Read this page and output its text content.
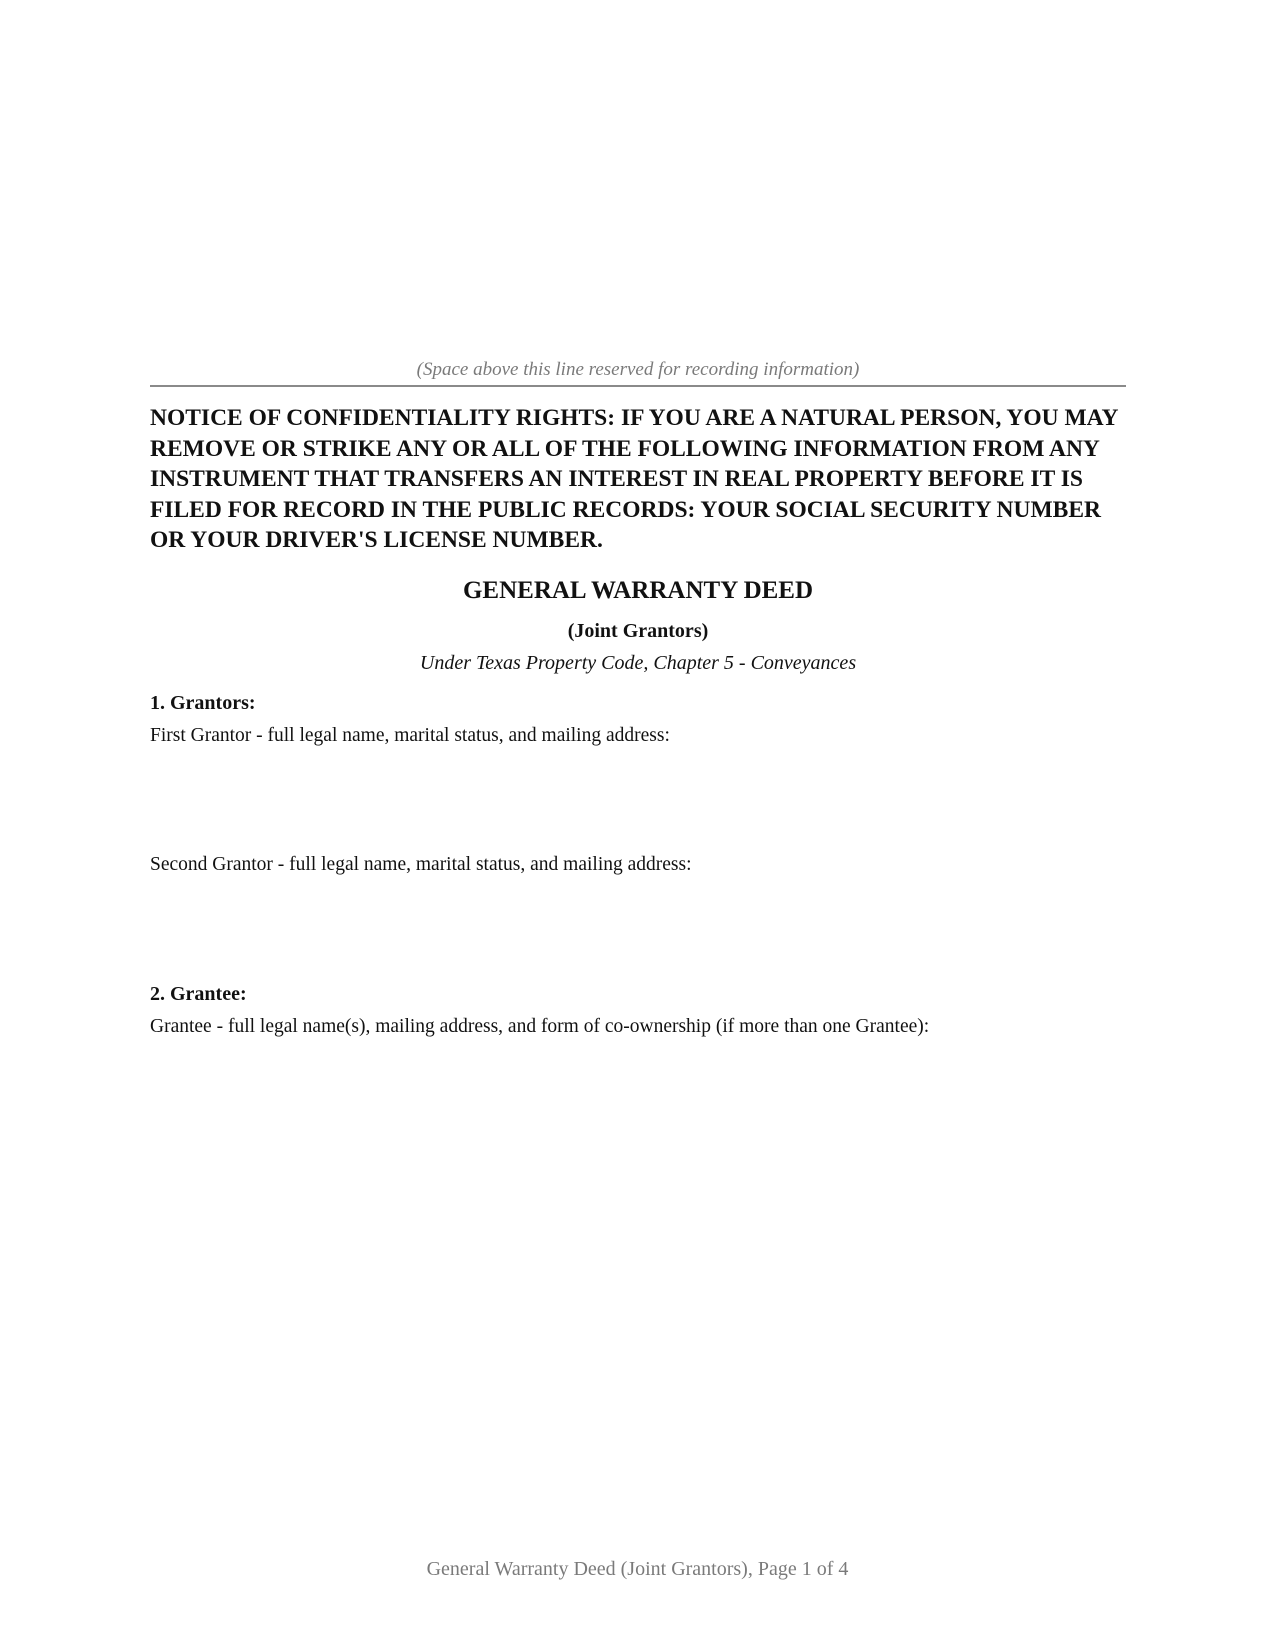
(Space above this line reserved for recording information)
NOTICE OF CONFIDENTIALITY RIGHTS: IF YOU ARE A NATURAL PERSON, YOU MAY REMOVE OR STRIKE ANY OR ALL OF THE FOLLOWING INFORMATION FROM ANY INSTRUMENT THAT TRANSFERS AN INTEREST IN REAL PROPERTY BEFORE IT IS FILED FOR RECORD IN THE PUBLIC RECORDS: YOUR SOCIAL SECURITY NUMBER OR YOUR DRIVER'S LICENSE NUMBER.
GENERAL WARRANTY DEED
(Joint Grantors)
Under Texas Property Code, Chapter 5 - Conveyances
1. Grantors:
First Grantor - full legal name, marital status, and mailing address:
Second Grantor - full legal name, marital status, and mailing address:
2. Grantee:
Grantee - full legal name(s), mailing address, and form of co-ownership (if more than one Grantee):
General Warranty Deed (Joint Grantors), Page 1 of 4
